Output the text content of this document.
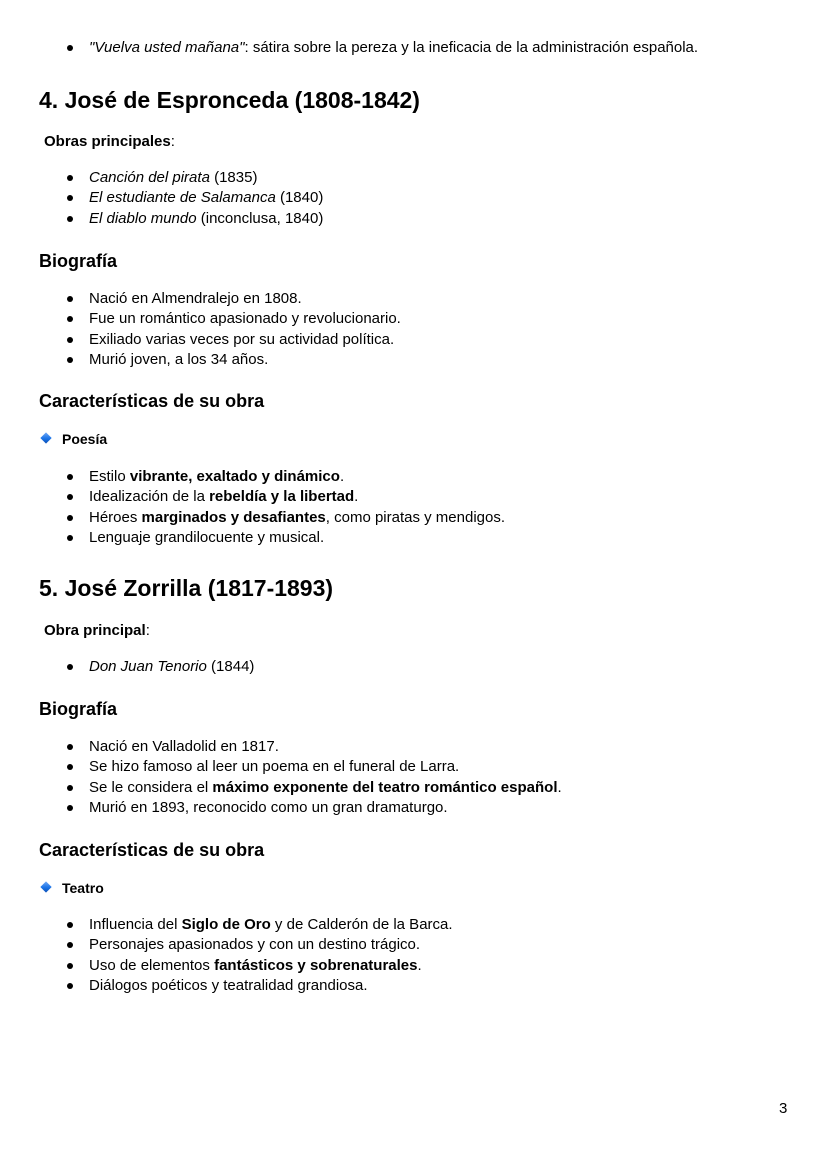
"Vuelva usted mañana": sátira sobre la pereza y la ineficacia de la administración española.
4. José de Espronceda (1808-1842)
Obras principales:
Canción del pirata (1835)
El estudiante de Salamanca (1840)
El diablo mundo (inconclusa, 1840)
Biografía
Nació en Almendralejo en 1808.
Fue un romántico apasionado y revolucionario.
Exiliado varias veces por su actividad política.
Murió joven, a los 34 años.
Características de su obra
Poesía
Estilo vibrante, exaltado y dinámico.
Idealización de la rebeldía y la libertad.
Héroes marginados y desafiantes, como piratas y mendigos.
Lenguaje grandilocuente y musical.
5. José Zorrilla (1817-1893)
Obra principal:
Don Juan Tenorio (1844)
Biografía
Nació en Valladolid en 1817.
Se hizo famoso al leer un poema en el funeral de Larra.
Se le considera el máximo exponente del teatro romántico español.
Murió en 1893, reconocido como un gran dramaturgo.
Características de su obra
Teatro
Influencia del Siglo de Oro y de Calderón de la Barca.
Personajes apasionados y con un destino trágico.
Uso de elementos fantásticos y sobrenaturales.
Diálogos poéticos y teatralidad grandiosa.
3
